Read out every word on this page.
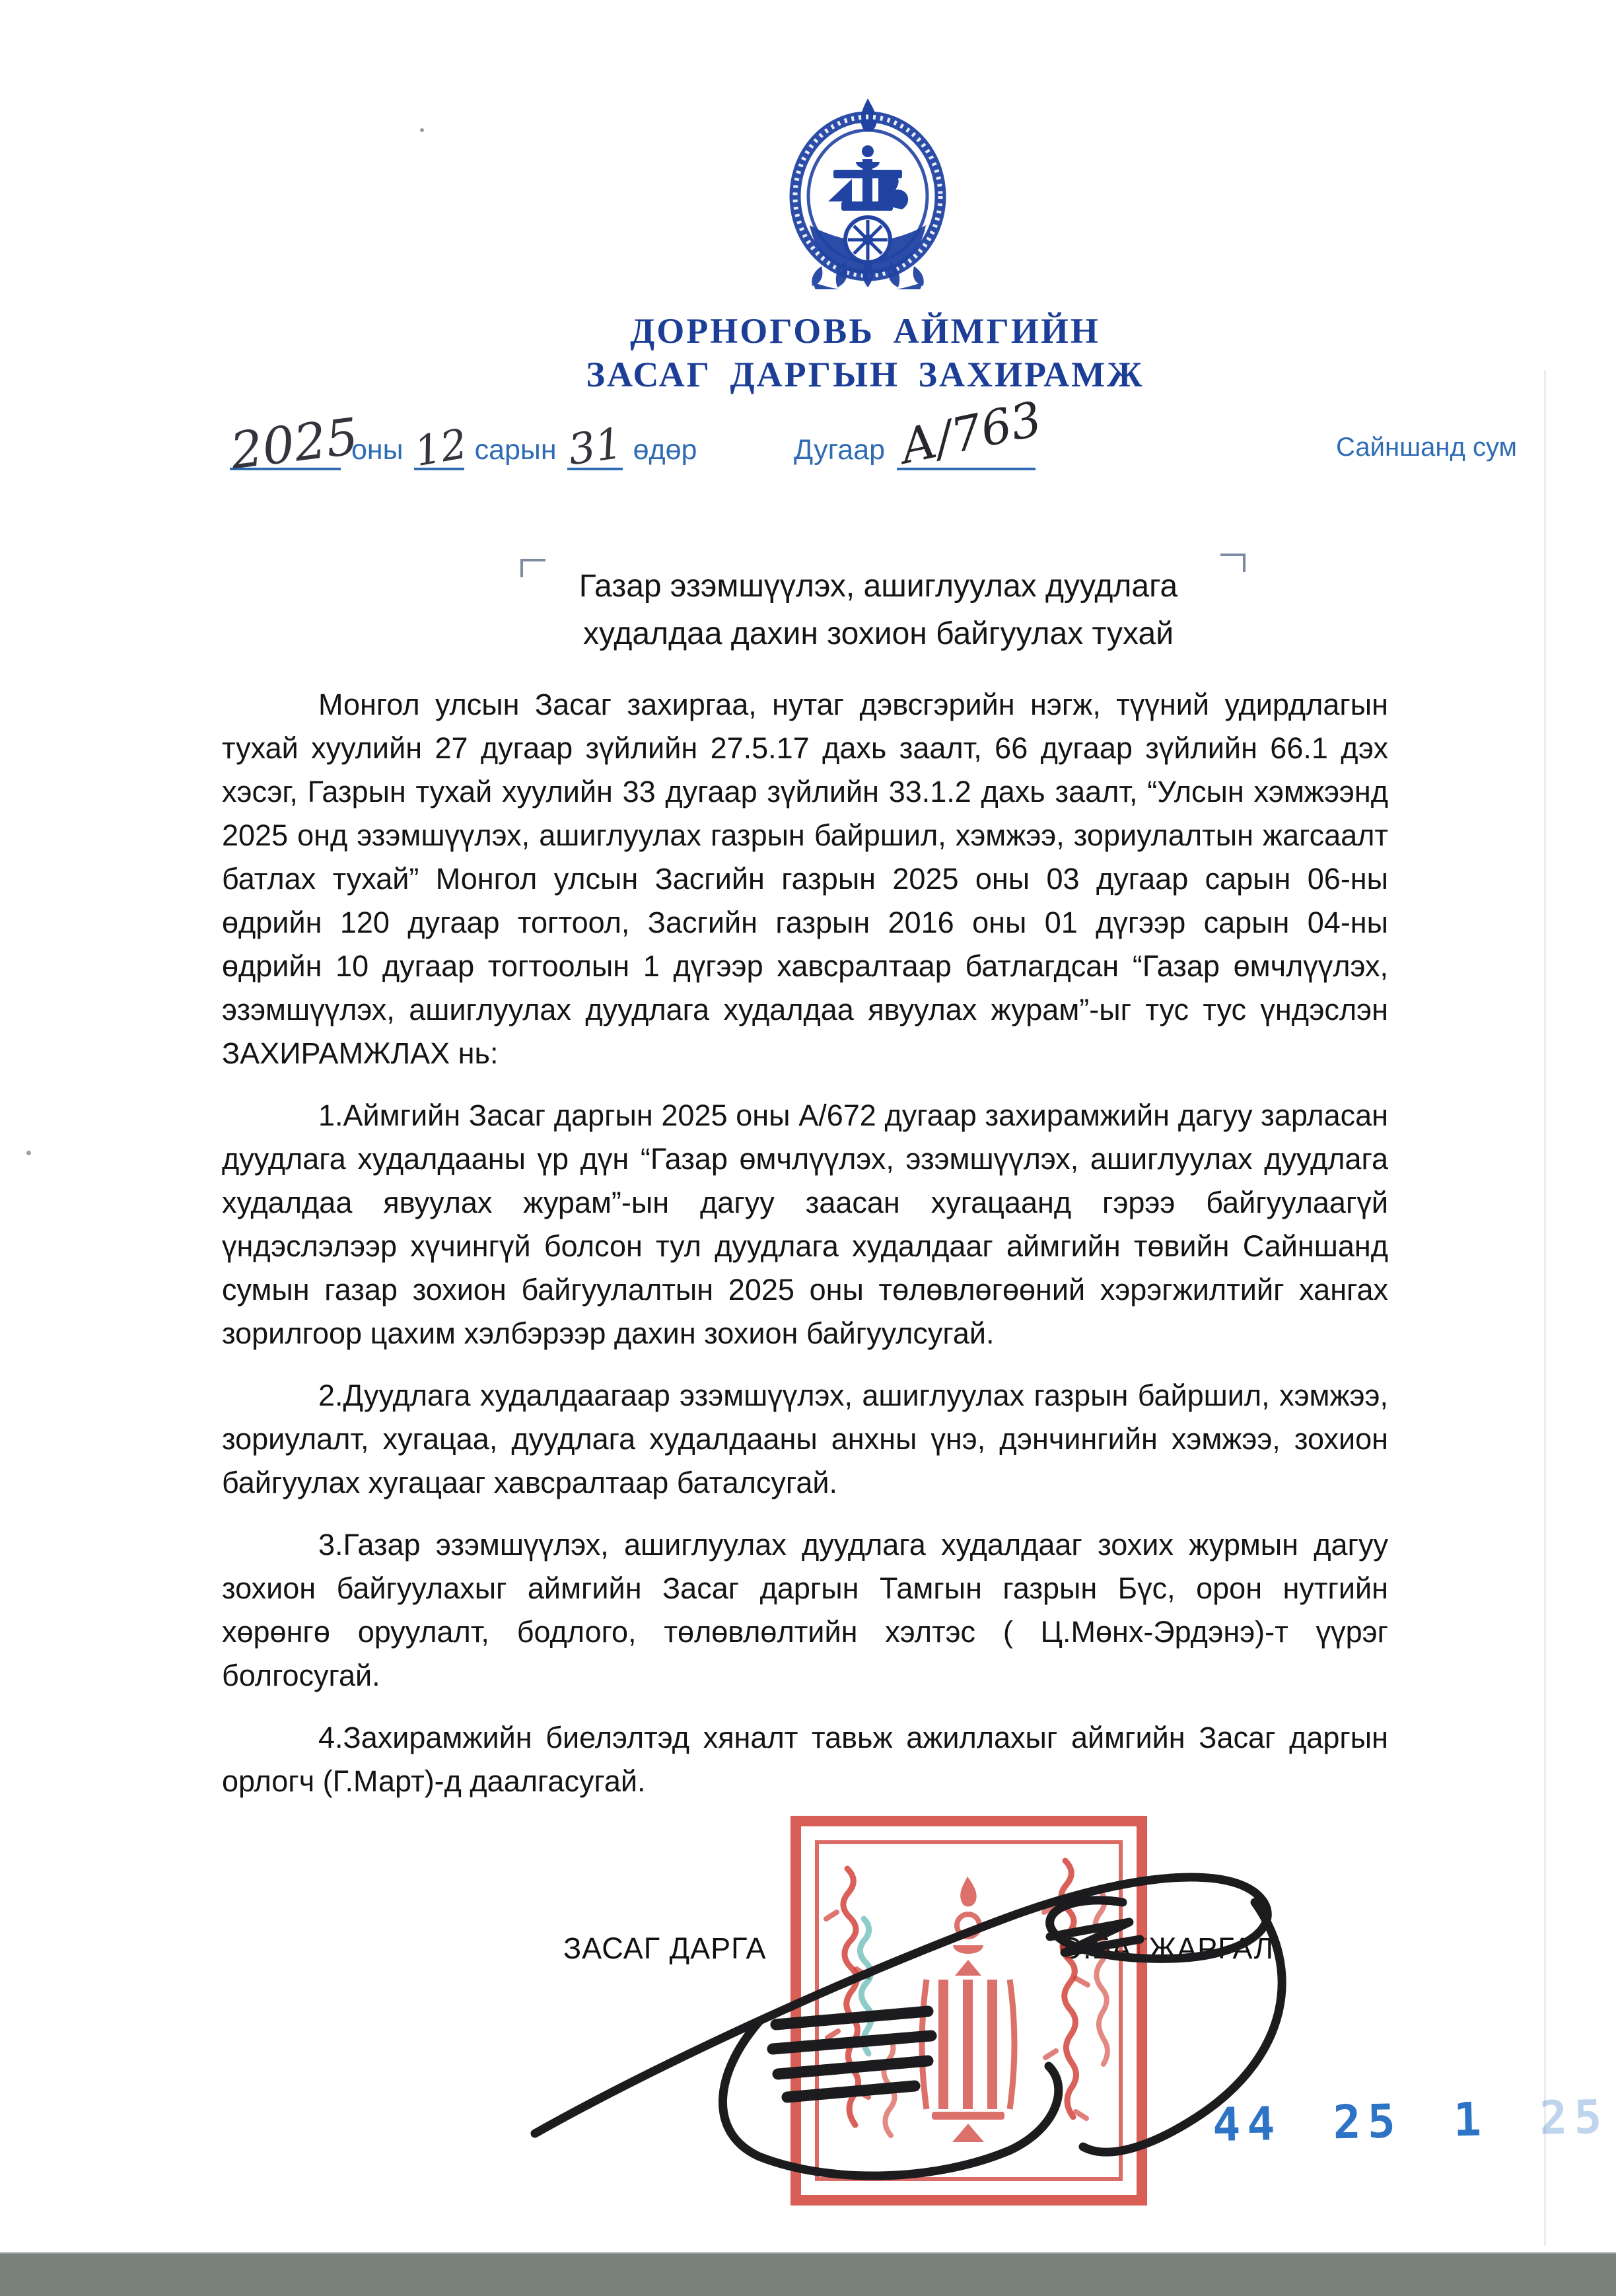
ДОРНОГОВЬ АЙМГИЙН
ЗАСАГ ДАРГЫН ЗАХИРАМЖ
2025
оны 12 сарын 31 өдөр	Дугаар А/763	Сайншанд сум
Газар эзэмшүүлэх, ашиглуулах дуудлага
худалдаа дахин зохион байгуулах тухай

Монгол улсын Засаг захиргаа, нутаг дэвсгэрийн нэгж, түүний удирдлагын тухай хуулийн 27 дугаар зүйлийн 27.5.17 дахь заалт, 66 дугаар зүйлийн 66.1 дэх хэсэг, Газрын тухай хуулийн 33 дугаар зүйлийн 33.1.2 дахь заалт, “Улсын хэмжээнд 2025 онд эзэмшүүлэх, ашиглуулах газрын байршил, хэмжээ, зориулалтын жагсаалт батлах тухай” Монгол улсын Засгийн газрын 2025 оны 03 дугаар сарын 06-ны өдрийн 120 дугаар тогтоол, Засгийн газрын 2016 оны 01 дүгээр сарын 04-ны өдрийн 10 дугаар тогтоолын 1 дүгээр хавсралтаар батлагдсан “Газар өмчлүүлэх, эзэмшүүлэх, ашиглуулах дуудлага худалдаа явуулах журам”-ыг тус тус үндэслэн ЗАХИРАМЖЛАХ нь:

1.Аймгийн Засаг даргын 2025 оны А/672 дугаар захирамжийн дагуу зарласан дуудлага худалдааны үр дүн “Газар өмчлүүлэх, эзэмшүүлэх, ашиглуулах дуудлага худалдаа явуулах журам”-ын дагуу заасан хугацаанд гэрээ байгуулаагүй үндэслэлээр хүчингүй болсон тул дуудлага худалдааг аймгийн төвийн Сайншанд сумын газар зохион байгуулалтын 2025 оны төлөвлөгөөний хэрэгжилтийг хангах зорилгоор цахим хэлбэрээр дахин зохион байгуулсугай.

2.Дуудлага худалдаагаар эзэмшүүлэх, ашиглуулах газрын байршил, хэмжээ, зориулалт, хугацаа, дуудлага худалдааны анхны үнэ, дэнчингийн хэмжээ, зохион байгуулах хугацааг хавсралтаар баталсугай.

3.Газар эзэмшүүлэх, ашиглуулах дуудлага худалдааг зохих журмын дагуу зохион байгуулахыг аймгийн Засаг даргын Тамгын газрын Бүс, орон нутгийн хөрөнгө оруулалт, бодлого, төлөвлөлтийн хэлтэс ( Ц.Мөнх-Эрдэнэ)-т үүрэг болгосугай.

4.Захирамжийн биелэлтэд хяналт тавьж ажиллахыг аймгийн Засаг даргын орлогч (Г.Март)-д даалгасугай.

ЗАСАГ ДАРГА	О.БАТЖАРГАЛ
44 25 1 25
